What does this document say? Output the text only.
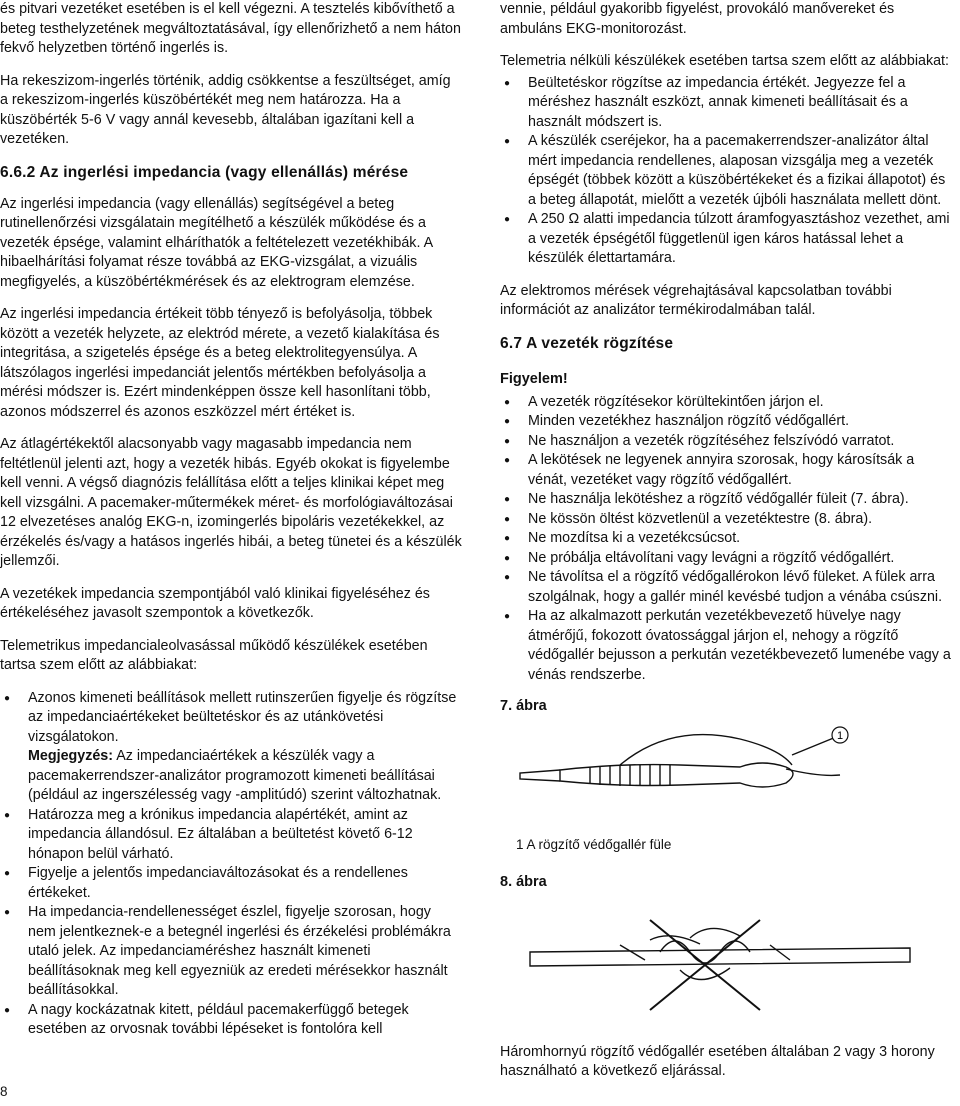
és pitvari vezetéket esetében is el kell végezni. A tesztelés kibővíthető a beteg testhelyzetének megváltoztatásával, így ellenőrizhető a nem háton fekvő helyzetben történő ingerlés is.

Ha rekeszizom-ingerlés történik, addig csökkentse a feszültséget, amíg a rekeszizom-ingerlés küszöbértékét meg nem határozza. Ha a küszöbérték 5-6 V vagy annál kevesebb, általában igazítani kell a vezetéken.

6.6.2 Az ingerlési impedancia (vagy ellenállás) mérése

Az ingerlési impedancia (vagy ellenállás) segítségével a beteg rutinellenőrzési vizsgálatain megítélhető a készülék működése és a vezeték épsége, valamint elháríthatók a feltételezett vezetékhibák. A hibaelhárítási folyamat része továbbá az EKG-vizsgálat, a vizuális megfigyelés, a küszöbértékmérések és az elektrogram elemzése.

Az ingerlési impedancia értékeit több tényező is befolyásolja, többek között a vezeték helyzete, az elektród mérete, a vezető kialakítása és integritása, a szigetelés épsége és a beteg elektrolitegyensúlya. A látszólagos ingerlési impedanciát jelentős mértékben befolyásolja a mérési módszer is. Ezért mindenképpen össze kell hasonlítani több, azonos módszerrel és azonos eszközzel mért értéket is.

Az átlagértékektől alacsonyabb vagy magasabb impedancia nem feltétlenül jelenti azt, hogy a vezeték hibás. Egyéb okokat is figyelembe kell venni. A végső diagnózis felállítása előtt a teljes klinikai képet meg kell vizsgálni. A pacemaker-műtermékek méret- és morfológiaváltozásai 12 elvezetéses analóg EKG-n, izomingerlés bipoláris vezetékekkel, az érzékelés és/vagy a hatásos ingerlés hibái, a beteg tünetei és a készülék jellemzői.

A vezetékek impedancia szempontjából való klinikai figyeléséhez és értékeléséhez javasolt szempontok a következők.

Telemetrikus impedancialeolvasással működő készülékek esetében tartsa szem előtt az alábbiakat:

● Azonos kimeneti beállítások mellett rutinszerűen figyelje és rögzítse az impedanciaértékeket beültetéskor és az utánkövetési vizsgálatokon.
Megjegyzés: Az impedanciaértékek a készülék vagy a pacemakerrendszer-analizátor programozott kimeneti beállításai (például az ingerszélesség vagy -amplitúdó) szerint változhatnak.
● Határozza meg a krónikus impedancia alapértékét, amint az impedancia állandósul. Ez általában a beültetést követő 6-12 hónapon belül várható.
● Figyelje a jelentős impedanciaváltozásokat és a rendellenes értékeket.
● Ha impedancia-rendellenességet észlel, figyelje szorosan, hogy nem jelentkeznek-e a betegnél ingerlési és érzékelési problémákra utaló jelek. Az impedanciaméréshez használt kimeneti beállításoknak meg kell egyezniük az eredeti mérésekkor használt beállításokkal.
● A nagy kockázatnak kitett, például pacemakerfüggő betegek esetében az orvosnak további lépéseket is fontolóra kell

vennie, például gyakoribb figyelést, provokáló manővereket és ambuláns EKG-monitorozást.

Telemetria nélküli készülékek esetében tartsa szem előtt az alábbiakat:

● Beültetéskor rögzítse az impedancia értékét. Jegyezze fel a méréshez használt eszközt, annak kimeneti beállításait és a használt módszert is.
● A készülék cseréjekor, ha a pacemakerrendszer-analizátor által mért impedancia rendellenes, alaposan vizsgálja meg a vezeték épségét (többek között a küszöbértékeket és a fizikai állapotot) és a beteg állapotát, mielőtt a vezeték újbóli használata mellett dönt.
● A 250 Ω alatti impedancia túlzott áramfogyasztáshoz vezethet, ami a vezeték épségétől függetlenül igen káros hatással lehet a készülék élettartamára.

Az elektromos mérések végrehajtásával kapcsolatban további információt az analizátor termékirodalmában talál.

6.7 A vezeték rögzítése
Figyelem!
● A vezeték rögzítésekor körültekintően járjon el.
● Minden vezetékhez használjon rögzítő védőgallért.
● Ne használjon a vezeték rögzítéséhez felszívódó varratot.
● A lekötések ne legyenek annyira szorosak, hogy károsítsák a vénát, vezetéket vagy rögzítő védőgallért.
● Ne használja lekötéshez a rögzítő védőgallér füleit (7. ábra).
● Ne kössön öltést közvetlenül a vezetéktestre (8. ábra).
● Ne mozdítsa ki a vezetékcsúcsot.
● Ne próbálja eltávolítani vagy levágni a rögzítő védőgallért.
● Ne távolítsa el a rögzítő védőgallérokon lévő füleket. A fülek arra szolgálnak, hogy a gallér minél kevésbé tudjon a vénába csúszni.
● Ha az alkalmazott perkután vezetékbevezető hüvelye nagy átmérőjű, fokozott óvatossággal járjon el, nehogy a rögzítő védőgallér bejusson a perkután vezetékbevezető lumenébe vagy a vénás rendszerbe.
7. ábra
1
1 A rögzítő védőgallér füle
8. ábra

Háromhornyú rögzítő védőgallér esetében általában 2 vagy 3 horony használható a következő eljárással.

8
